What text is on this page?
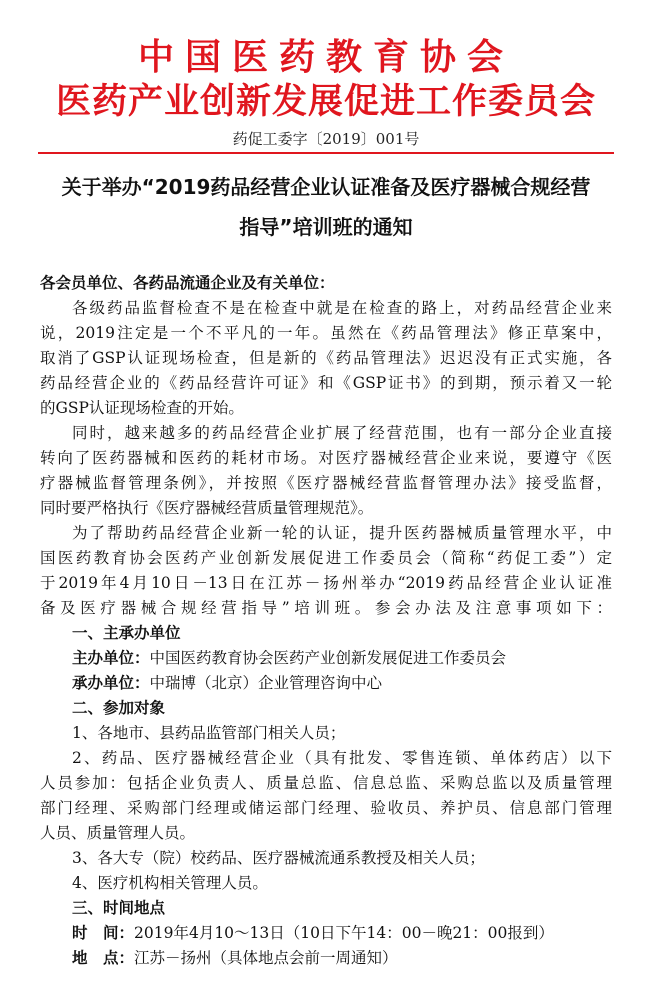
中国医药教育协会
医药产业创新发展促进工作委员会
药促工委字〔2019〕001号
关于举办“2019药品经营企业认证准备及医疗器械合规经营
指导”培训班的通知
各会员单位、各药品流通企业及有关单位：
各级药品监督检查不是在检查中就是在检查的路上，对药品经营企业来
说，2019注定是一个不平凡的一年。虽然在《药品管理法》修正草案中，
取消了GSP认证现场检查，但是新的《药品管理法》迟迟没有正式实施，各
药品经营企业的《药品经营许可证》和《GSP证书》的到期，预示着又一轮
的GSP认证现场检查的开始。
同时，越来越多的药品经营企业扩展了经营范围，也有一部分企业直接
转向了医药器械和医药的耗材市场。对医疗器械经营企业来说，要遵守《医
疗器械监督管理条例》，并按照《医疗器械经营监督管理办法》接受监督，
同时要严格执行《医疗器械经营质量管理规范》。
为了帮助药品经营企业新一轮的认证，提升医药器械质量管理水平，中
国医药教育协会医药产业创新发展促进工作委员会（简称“药促工委”）定
于2019年4月10日－13日在江苏－扬州举办“2019药品经营企业认证准
备及医疗器械合规经营指导”培训班。参会办法及注意事项如下：
一、主承办单位
主办单位：中国医药教育协会医药产业创新发展促进工作委员会
承办单位：中瑞博（北京）企业管理咨询中心
二、参加对象
1、各地市、县药品监管部门相关人员；
2、药品、医疗器械经营企业（具有批发、零售连锁、单体药店）以下
人员参加：包括企业负责人、质量总监、信息总监、采购总监以及质量管理
部门经理、采购部门经理或储运部门经理、验收员、养护员、信息部门管理
人员、质量管理人员。
3、各大专（院）校药品、医疗器械流通系教授及相关人员；
4、医疗机构相关管理人员。
三、时间地点
时　间：2019年4月10～13日（10日下午14：00－晚21：00报到）
地　点：江苏－扬州（具体地点会前一周通知）
